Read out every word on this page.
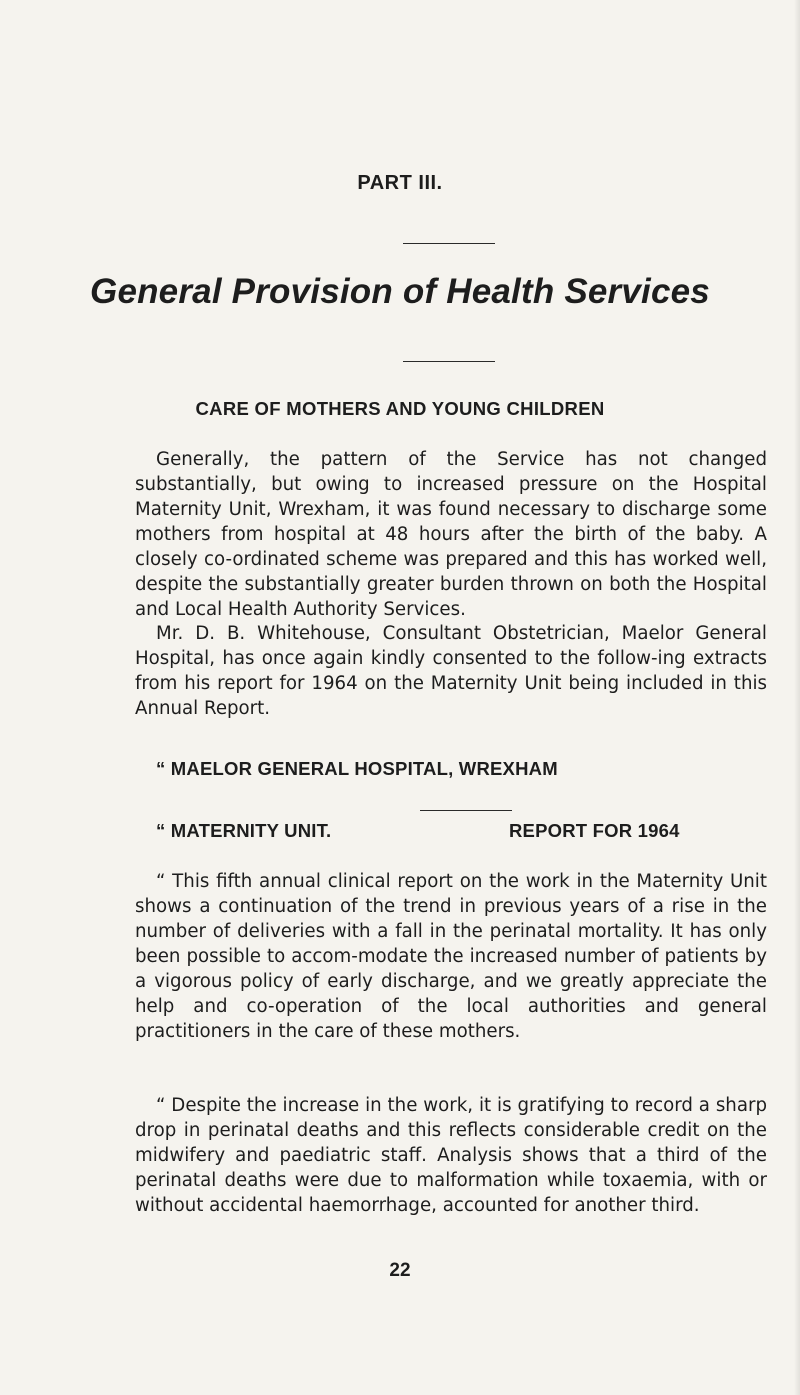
PART III.
General Provision of Health Services
CARE OF MOTHERS AND YOUNG CHILDREN

Generally, the pattern of the Service has not changed substantially, but owing to increased pressure on the Hospital Maternity Unit, Wrexham, it was found necessary to discharge some mothers from hospital at 48 hours after the birth of the baby. A closely co-ordinated scheme was prepared and this has worked well, despite the substantially greater burden thrown on both the Hospital and Local Health Authority Services.

Mr. D. B. Whitehouse, Consultant Obstetrician, Maelor General Hospital, has once again kindly consented to the follow-ing extracts from his report for 1964 on the Maternity Unit being included in this Annual Report.

“ MAELOR GENERAL HOSPITAL, WREXHAM
“ MATERNITY UNIT.	REPORT FOR 1964

“ This fifth annual clinical report on the work in the Maternity Unit shows a continuation of the trend in previous years of a rise in the number of deliveries with a fall in the perinatal mortality. It has only been possible to accom-modate the increased number of patients by a vigorous policy of early discharge, and we greatly appreciate the help and co-operation of the local authorities and general practitioners in the care of these mothers.

“ Despite the increase in the work, it is gratifying to record a sharp drop in perinatal deaths and this reflects considerable credit on the midwifery and paediatric staff. Analysis shows that a third of the perinatal deaths were due to malformation while toxaemia, with or without accidental haemorrhage, accounted for another third.

22
